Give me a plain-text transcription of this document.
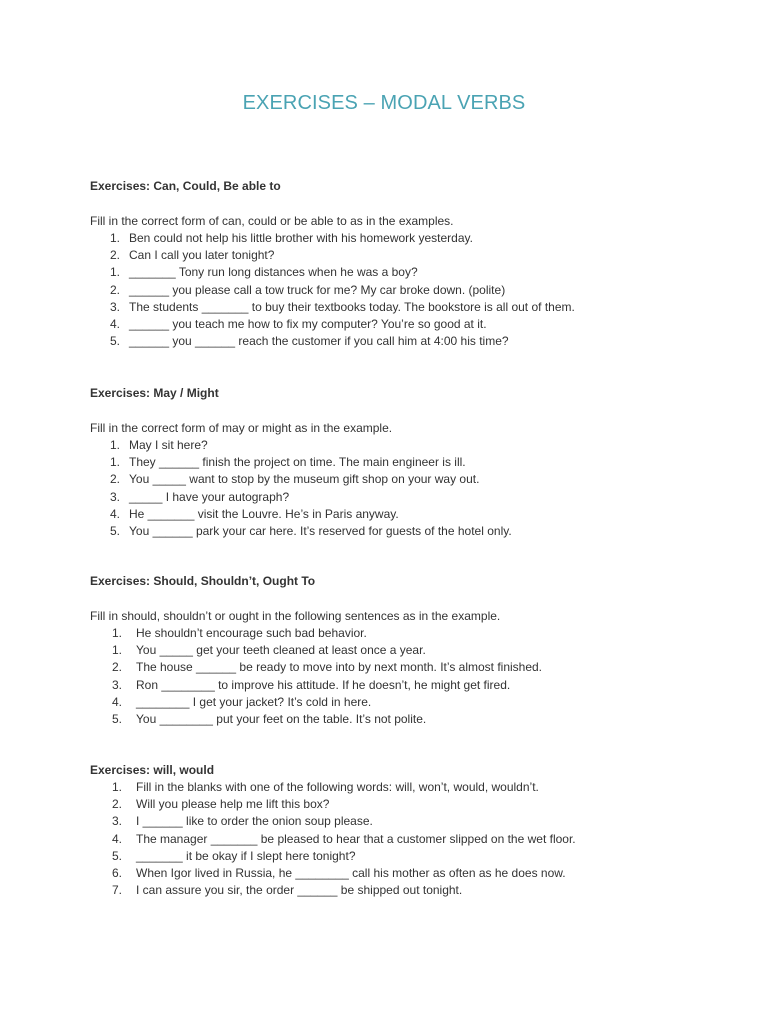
EXERCISES – MODAL VERBS
Exercises: Can, Could, Be able to
Fill in the correct form of can, could or be able to as in the examples.
1. Ben could not help his little brother with his homework yesterday.
2. Can I call you later tonight?
1. _______ Tony run long distances when he was a boy?
2. ______ you please call a tow truck for me? My car broke down. (polite)
3. The students _______ to buy their textbooks today. The bookstore is all out of them.
4. ______ you teach me how to fix my computer? You’re so good at it.
5. ______ you ______ reach the customer if you call him at 4:00 his time?
Exercises: May / Might
Fill in the correct form of may or might as in the example.
1. May I sit here?
1. They ______ finish the project on time. The main engineer is ill.
2. You _____ want to stop by the museum gift shop on your way out.
3. _____ I have your autograph?
4. He _______ visit the Louvre. He’s in Paris anyway.
5. You ______ park your car here. It’s reserved for guests of the hotel only.
Exercises: Should, Shouldn’t, Ought To
Fill in should, shouldn’t or ought in the following sentences as in the example.
1. He shouldn’t encourage such bad behavior.
1. You _____ get your teeth cleaned at least once a year.
2. The house ______ be ready to move into by next month. It’s almost finished.
3. Ron ________ to improve his attitude. If he doesn’t, he might get fired.
4. ________ I get your jacket? It’s cold in here.
5. You ________ put your feet on the table. It’s not polite.
Exercises: will, would
1. Fill in the blanks with one of the following words: will, won’t, would, wouldn’t.
2. Will you please help me lift this box?
3. I ______ like to order the onion soup please.
4. The manager _______ be pleased to hear that a customer slipped on the wet floor.
5. _______ it be okay if I slept here tonight?
6. When Igor lived in Russia, he ________ call his mother as often as he does now.
7. I can assure you sir, the order ______ be shipped out tonight.
